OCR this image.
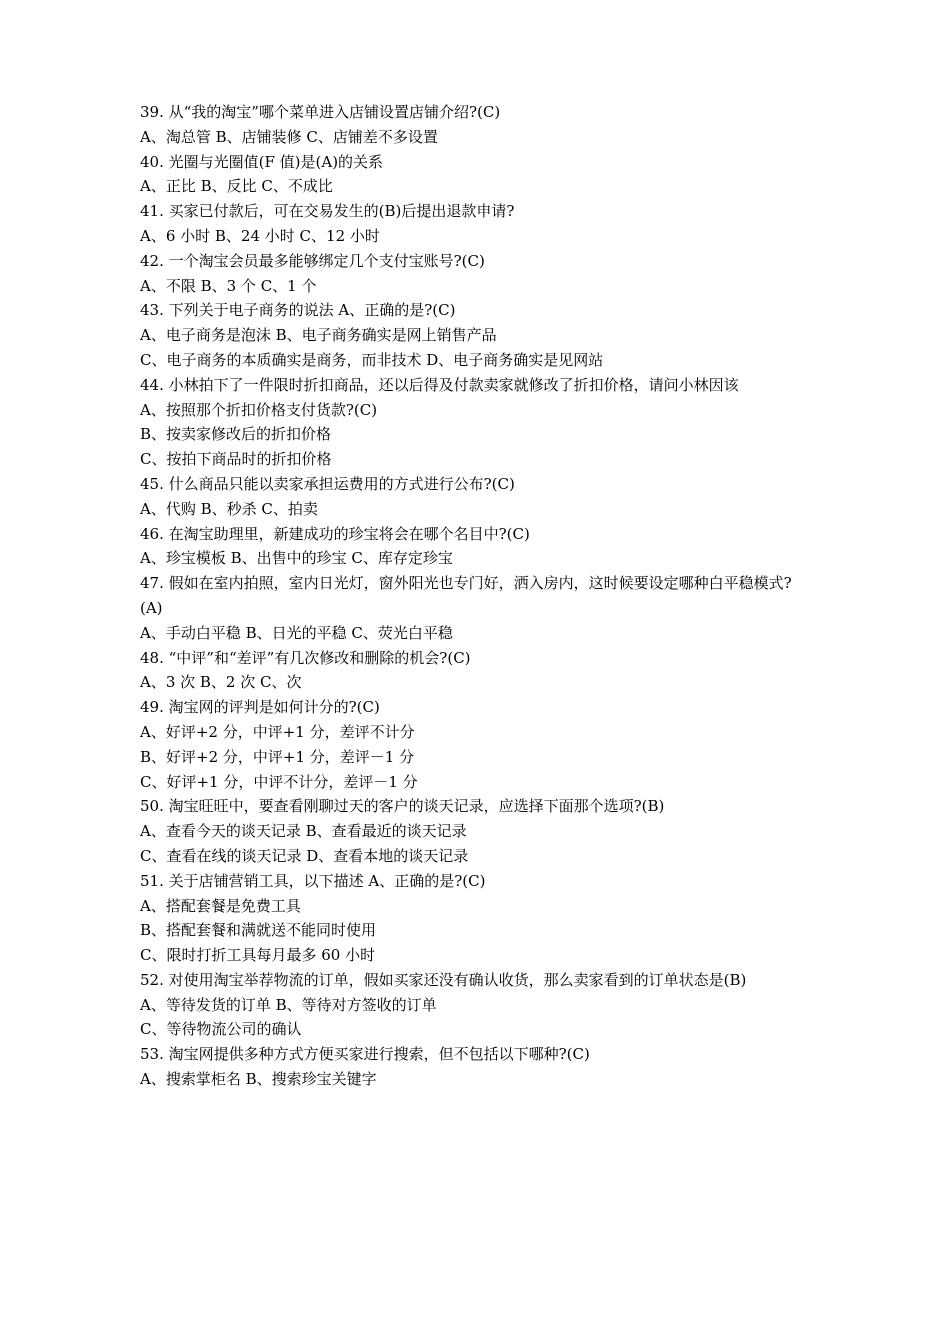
39. 从“我的淘宝”哪个菜单进入店铺设置店铺介绍?(C)

A、淘总管 B、店铺装修 C、店铺差不多设置

40. 光圈与光圈值(F 值)是(A)的关系

A、正比 B、反比 C、不成比

41. 买家已付款后，可在交易发生的(B)后提出退款申请?

A、6 小时 B、24 小时 C、12 小时

42. 一个淘宝会员最多能够绑定几个支付宝账号?(C)

A、不限 B、3 个 C、1 个

43. 下列关于电子商务的说法 A、正确的是?(C)

A、电子商务是泡沫 B、电子商务确实是网上销售产品

C、电子商务的本质确实是商务，而非技术 D、电子商务确实是见网站

44. 小林拍下了一件限时折扣商品，还以后得及付款卖家就修改了折扣价格，请问小林因该

A、按照那个折扣价格支付货款?(C)

B、按卖家修改后的折扣价格

C、按拍下商品时的折扣价格

45. 什么商品只能以卖家承担运费用的方式进行公布?(C)

A、代购 B、秒杀 C、拍卖

46. 在淘宝助理里，新建成功的珍宝将会在哪个名目中?(C)

A、珍宝模板 B、出售中的珍宝 C、库存定珍宝

47. 假如在室内拍照，室内日光灯，窗外阳光也专门好，洒入房内，这时候要设定哪种白平稳模式?(A)

A、手动白平稳 B、日光的平稳 C、荧光白平稳

48. “中评”和“差评”有几次修改和删除的机会?(C)

A、3 次 B、2 次 C、次

49. 淘宝网的评判是如何计分的?(C)

A、好评+2 分，中评+1 分，差评不计分

B、好评+2 分，中评+1 分，差评－1 分

C、好评+1 分，中评不计分，差评－1 分

50. 淘宝旺旺中，要查看刚聊过天的客户的谈天记录，应选择下面那个选项?(B)

A、查看今天的谈天记录 B、查看最近的谈天记录

C、查看在线的谈天记录 D、查看本地的谈天记录

51. 关于店铺营销工具，以下描述 A、正确的是?(C)

A、搭配套餐是免费工具

B、搭配套餐和满就送不能同时使用

C、限时打折工具每月最多 60 小时

52. 对使用淘宝举荐物流的订单，假如买家还没有确认收货，那么卖家看到的订单状态是(B)

A、等待发货的订单 B、等待对方签收的订单

C、等待物流公司的确认

53. 淘宝网提供多种方式方便买家进行搜索，但不包括以下哪种?(C)

A、搜索掌柜名 B、搜索珍宝关键字
